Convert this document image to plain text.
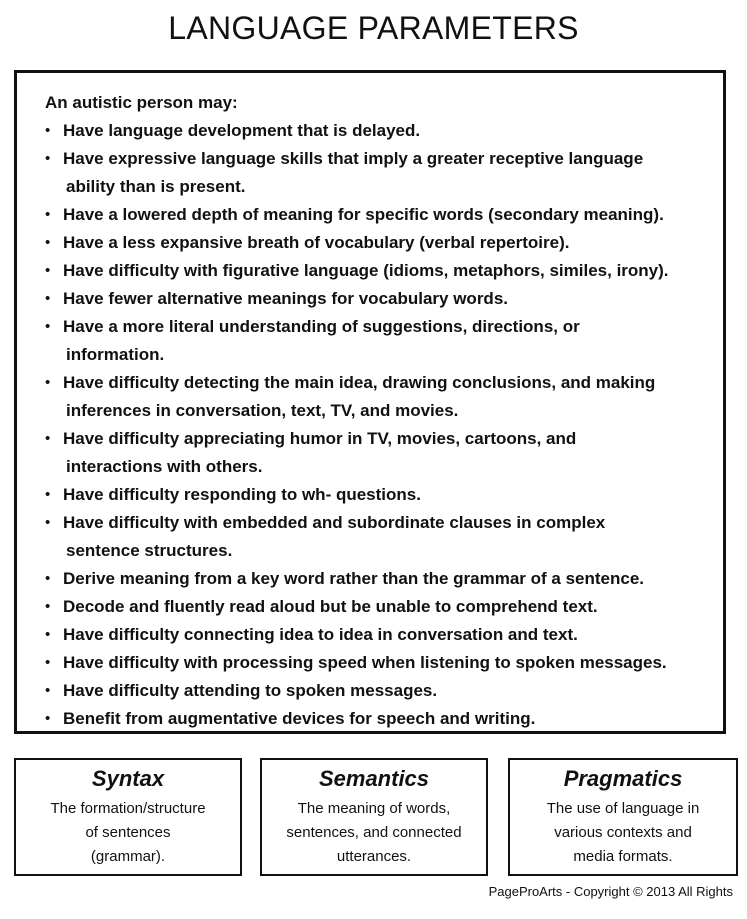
LANGUAGE PARAMETERS

An autistic person may:

• Have language development that is delayed.
• Have expressive language skills that imply a greater receptive language
ability than is present.
• Have a lowered depth of meaning for specific words (secondary meaning).
• Have a less expansive breath of vocabulary (verbal repertoire).
• Have difficulty with figurative language (idioms, metaphors, similes, irony).
• Have fewer alternative meanings for vocabulary words.
• Have a more literal understanding of suggestions, directions, or
information.
• Have difficulty detecting the main idea, drawing conclusions, and making
inferences in conversation, text, TV, and movies.
• Have difficulty appreciating humor in TV, movies, cartoons, and
interactions with others.
• Have difficulty responding to wh- questions.
• Have difficulty with embedded and subordinate clauses in complex
sentence structures.
• Derive meaning from a key word rather than the grammar of a sentence.
• Decode and fluently read aloud but be unable to comprehend text.
• Have difficulty connecting idea to idea in conversation and text.
• Have difficulty with processing speed when listening to spoken messages.
• Have difficulty attending to spoken messages.
• Benefit from augmentative devices for speech and writing.
Syntax
The formation/structure
of sentences
(grammar).
Semantics
The meaning of words,
sentences, and connected
utterances.
Pragmatics
The use of language in
various contexts and
media formats.
PageProArts - Copyright © 2013 All Rights
